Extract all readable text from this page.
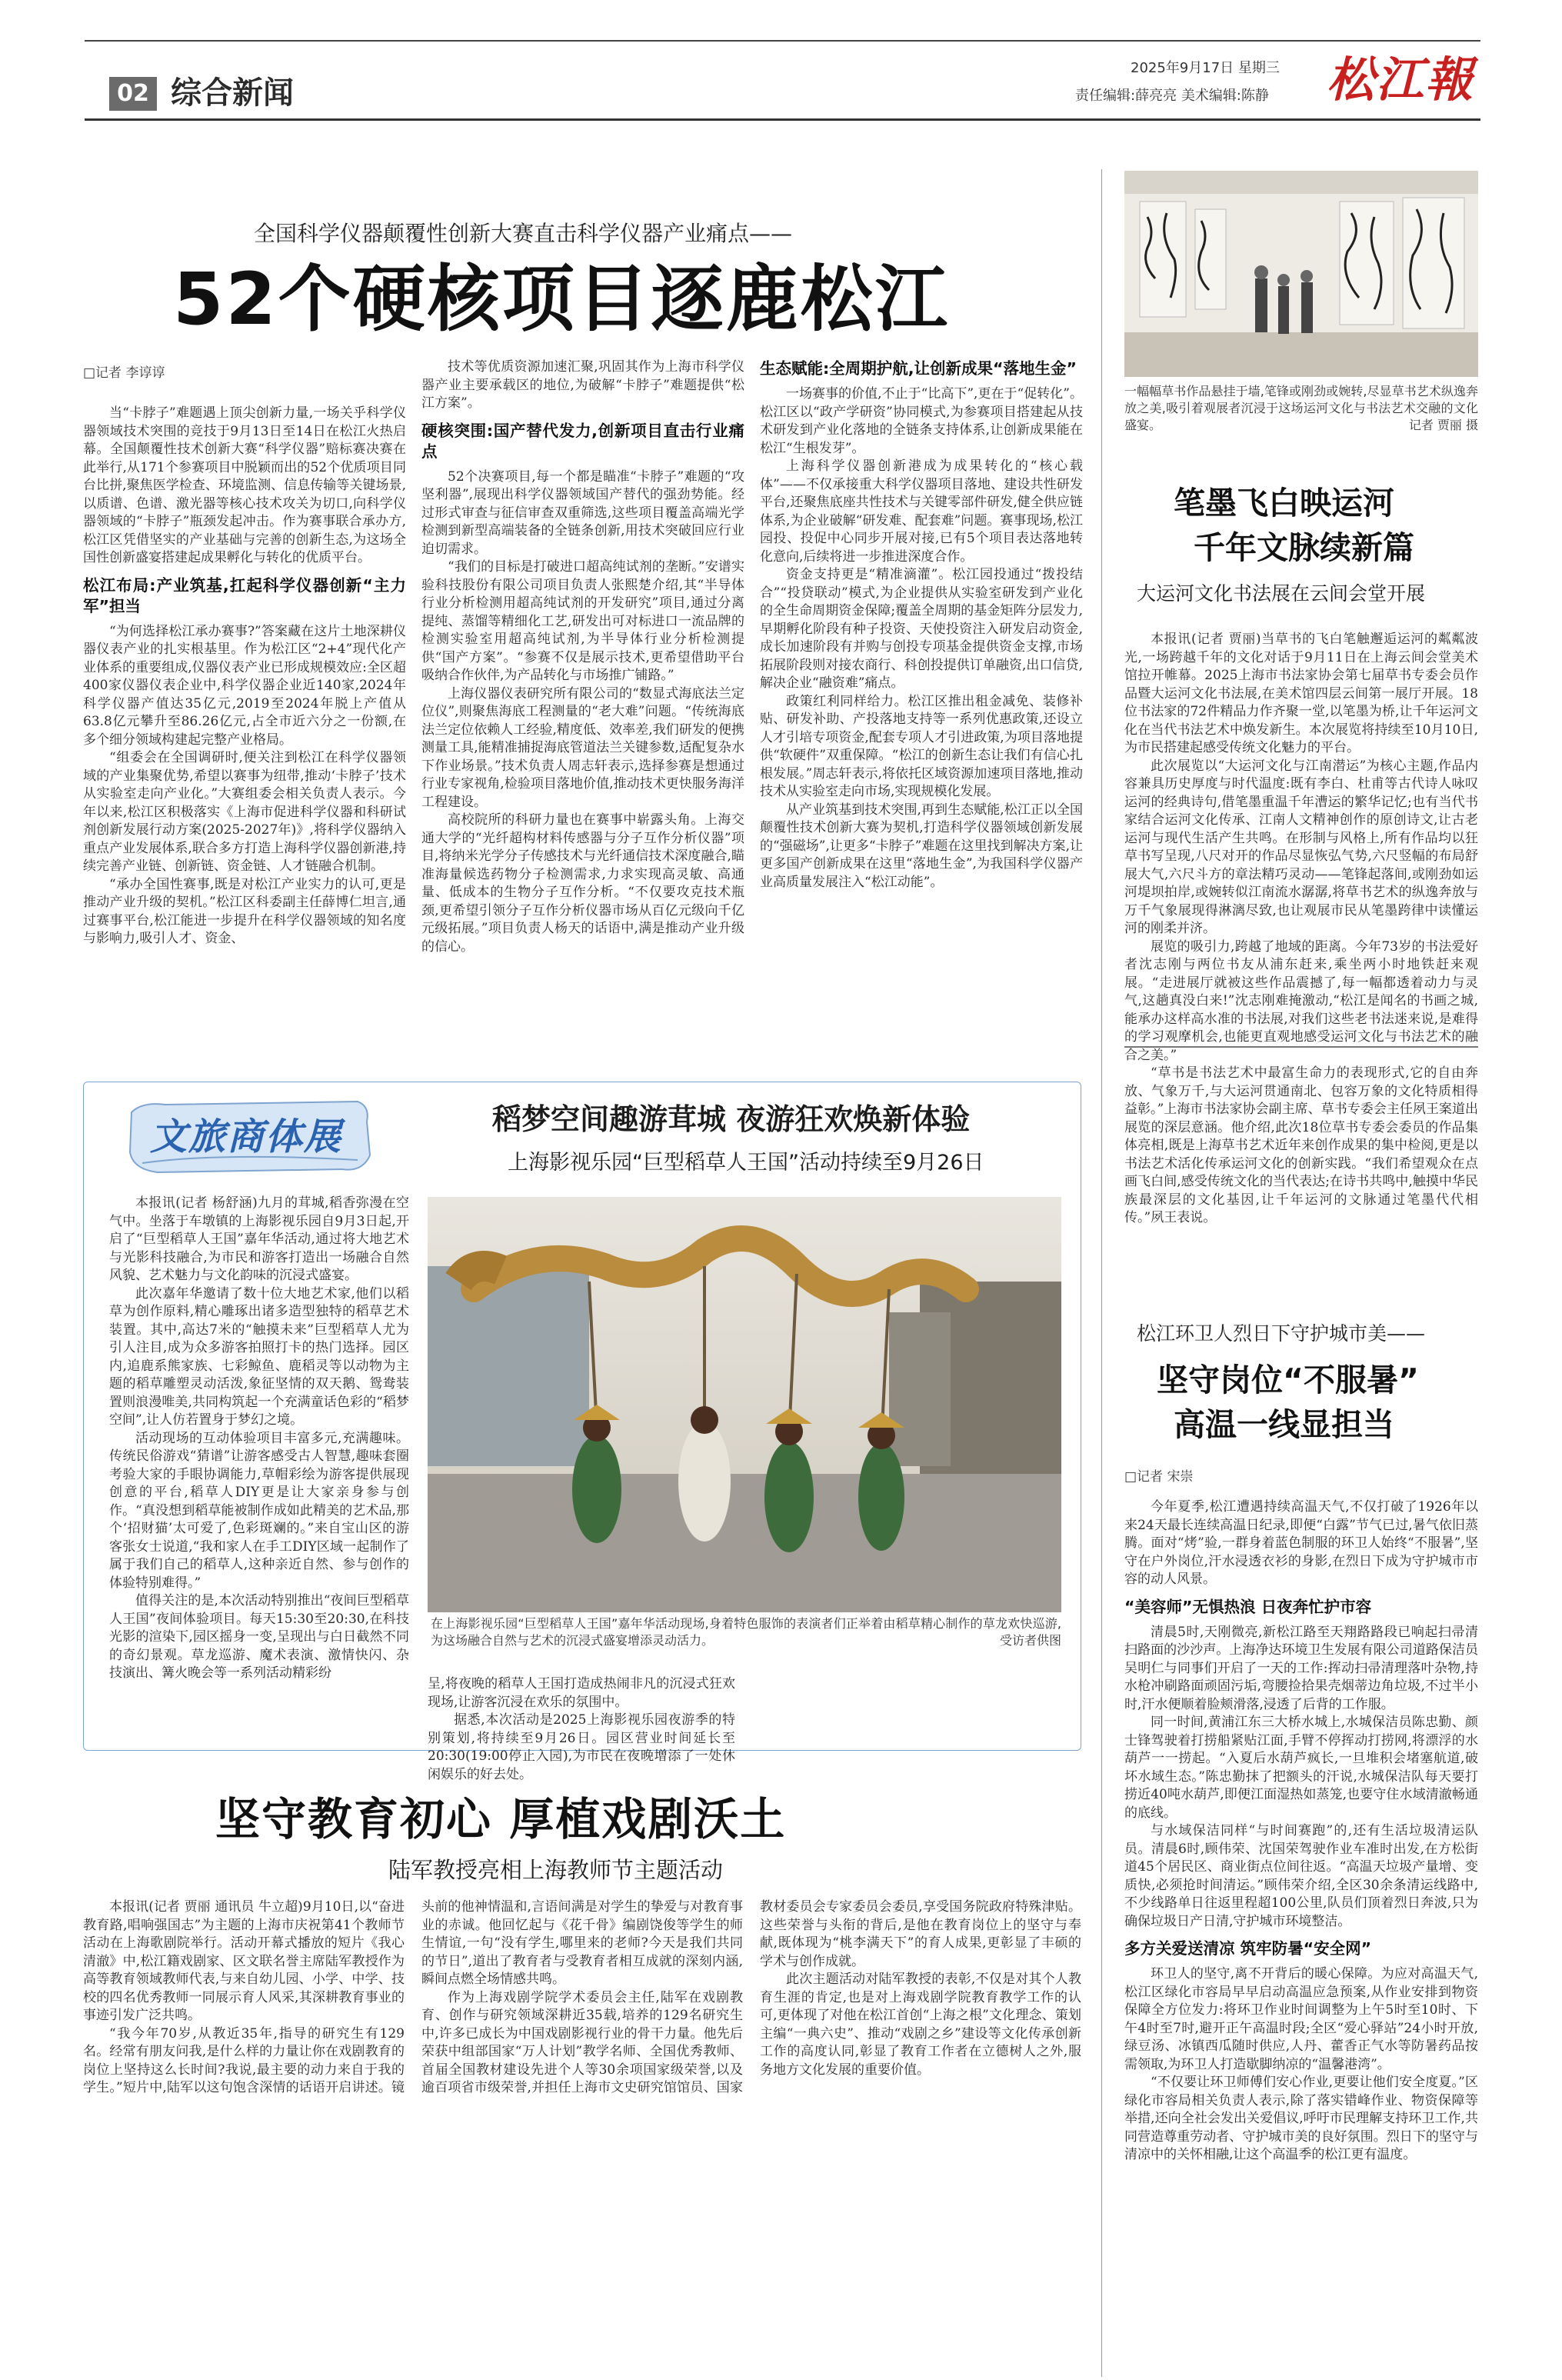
02 综合新闻
2025年9月17日 星期三
责任编辑:薛亮亮 美术编辑:陈静 松江報
全国科学仪器颠覆性创新大赛直击科学仪器产业痛点——
52个硬核项目逐鹿松江
□记者 李谆谆

当“卡脖子”难题遇上顶尖创新力量,一场关乎科学仪器领域技术突围的竞技于9月13日至14日在松江火热启幕。全国颠覆性技术创新大赛“科学仪器”赔标赛决赛在此举行,从171个参赛项目中脱颖而出的52个优质项目同台比拼,聚焦医学检查、环境监测、信息传输等关键场景,以质谱、色谱、激光器等核心技术攻关为切口,向科学仪器领域的“卡脖子”瓶颈发起冲击。作为赛事联合承办方,松江区凭借坚实的产业基础与完善的创新生态,为这场全国性创新盛宴搭建起成果孵化与转化的优质平台。

松江布局:产业筑基,扛起科学仪器创新“主力军”担当

“为何选择松江承办赛事?”答案藏在这片土地深耕仪器仪表产业的扎实根基里。作为松江区“2+4”现代化产业体系的重要组成,仪器仪表产业已形成规模效应:全区超400家仪器仪表企业中,科学仪器企业近140家,2024年科学仪器产值达35亿元,2019至2024年脱上产值从63.8亿元攀升至86.26亿元,占全市近六分之一份额,在多个细分领域构建起完整产业格局。

“组委会在全国调研时,便关注到松江在科学仪器领域的产业集聚优势,希望以赛事为纽带,推动‘卡脖子’技术从实验室走向产业化。”大赛组委会相关负责人表示。今年以来,松江区积极落实《上海市促进科学仪器和科研试剂创新发展行动方案(2025-2027年)》,将科学仪器纳入重点产业发展体系,联合多方打造上海科学仪器创新港,持续完善产业链、创新链、资金链、人才链融合机制。

“承办全国性赛事,既是对松江产业实力的认可,更是推动产业升级的契机。”松江区科委副主任薛博仁坦言,通过赛事平台,松江能进一步提升在科学仪器领域的知名度与影响力,吸引人才、资金、

技术等优质资源加速汇聚,巩固其作为上海市科学仪器产业主要承载区的地位,为破解“卡脖子”难题提供“松江方案”。

硬核突围:国产替代发力,创新项目直击行业痛点

52个决赛项目,每一个都是瞄准“卡脖子”难题的“攻坚利器”,展现出科学仪器领域国产替代的强劲势能。经过形式审查与征信审查双重筛选,这些项目覆盖高端光学检测到新型高端装备的全链条创新,用技术突破回应行业迫切需求。

“我们的目标是打破进口超高纯试剂的垄断。”安谱实验科技股份有限公司项目负责人张熙楚介绍,其“半导体行业分析检测用超高纯试剂的开发研究”项目,通过分离提纯、蒸馏等精细化工艺,研发出可对标进口一流品牌的检测实验室用超高纯试剂,为半导体行业分析检测提供“国产方案”。“参赛不仅是展示技术,更希望借助平台吸纳合作伙伴,为产品转化与市场推广铺路。”

上海仪器仪表研究所有限公司的“数显式海底法兰定位仪”,则聚焦海底工程测量的“老大难”问题。“传统海底法兰定位依赖人工经验,精度低、效率差,我们研发的便携测量工具,能精准捕捉海底管道法兰关键参数,适配复杂水下作业场景。”技术负责人周志轩表示,选择参赛是想通过行业专家视角,检验项目落地价值,推动技术更快服务海洋工程建设。

高校院所的科研力量也在赛事中崭露头角。上海交通大学的“光纤超构材料传感器与分子互作分析仪器”项目,将纳米光学分子传感技术与光纤通信技术深度融合,瞄准海量候选药物分子检测需求,力求实现高灵敏、高通量、低成本的生物分子互作分析。“不仅要攻克技术瓶颈,更希望引领分子互作分析仪器市场从百亿元级向千亿元级拓展。”项目负责人杨天的话语中,满是推动产业升级的信心。

生态赋能:全周期护航,让创新成果“落地生金”

一场赛事的价值,不止于“比高下”,更在于“促转化”。松江区以“政产学研资”协同模式,为参赛项目搭建起从技术研发到产业化落地的全链条支持体系,让创新成果能在松江“生根发芽”。

上海科学仪器创新港成为成果转化的“核心载体”——不仅承接重大科学仪器项目落地、建设共性研发平台,还聚焦底座共性技术与关键零部件研发,健全供应链体系,为企业破解“研发难、配套难”问题。赛事现场,松江园投、投促中心同步开展对接,已有5个项目表达落地转化意向,后续将进一步推进深度合作。

资金支持更是“精准滴灌”。松江园投通过“拨投结合”“投贷联动”模式,为企业提供从实验室研发到产业化的全生命周期资金保障;覆盖全周期的基金矩阵分层发力,早期孵化阶段有种子投资、天使投资注入研发启动资金,成长加速阶段有并购与创投专项基金提供资金支撑,市场拓展阶段则对接农商行、科创投提供订单融资,出口信贷,解决企业“融资难”痛点。

政策红利同样给力。松江区推出租金减免、装修补贴、研发补助、产投落地支持等一系列优惠政策,还设立人才引培专项资金,配套专项人才引进政策,为项目落地提供“软硬件”双重保障。“松江的创新生态让我们有信心扎根发展。”周志轩表示,将依托区域资源加速项目落地,推动技术从实验室走向市场,实现规模化发展。

从产业筑基到技术突围,再到生态赋能,松江正以全国颠覆性技术创新大赛为契机,打造科学仪器领域创新发展的“强磁场”,让更多“卡脖子”难题在这里找到解决方案,让更多国产创新成果在这里“落地生金”,为我国科学仪器产业高质量发展注入“松江动能”。

文旅商体展	稻梦空间趣游茸城 夜游狂欢焕新体验
上海影视乐园“巨型稻草人王国”活动持续至9月26日

本报讯(记者 杨舒涵)九月的茸城,稻香弥漫在空气中。坐落于车墩镇的上海影视乐园自9月3日起,开启了“巨型稻草人王国”嘉年华活动,通过将大地艺术与光影科技融合,为市民和游客打造出一场融合自然风貌、艺术魅力与文化韵味的沉浸式盛宴。

此次嘉年华邀请了数十位大地艺术家,他们以稻草为创作原料,精心雕琢出诸多造型独特的稻草艺术装置。其中,高达7米的“触摸未来”巨型稻草人尤为引人注目,成为众多游客拍照打卡的热门选择。园区内,追鹿系熊家族、七彩鲸鱼、鹿稻灵等以动物为主题的稻草雕塑灵动活泼,象征坚情的双天鹅、鸳鸯装置则浪漫唯美,共同构筑起一个充满童话色彩的“稻梦空间”,让人仿若置身于梦幻之境。

活动现场的互动体验项目丰富多元,充满趣味。传统民俗游戏“猜谱”让游客感受古人智慧,趣味套圈考验大家的手眼协调能力,草帽彩绘为游客提供展现创意的平台,稻草人DIY更是让大家亲身参与创作。“真没想到稻草能被制作成如此精美的艺术品,那个‘招财猫’太可爱了,色彩斑斓的。”来自宝山区的游客张女士说道,“我和家人在手工DIY区域一起制作了属于我们自己的稻草人,这种亲近自然、参与创作的体验特别难得。”

值得关注的是,本次活动特别推出“夜间巨型稻草人王国”夜间体验项目。每天15:30至20:30,在科技光影的渲染下,园区摇身一变,呈现出与白日截然不同的奇幻景观。草龙巡游、魔术表演、激情快闪、杂技演出、篝火晚会等一系列活动精彩纷

在上海影视乐园“巨型稻草人王国”嘉年华活动现场,身着特色服饰的表演者们正举着由稻草精心制作的草龙欢快巡游,为这场融合自然与艺术的沉浸式盛宴增添灵动活力。	受访者供图

呈,将夜晚的稻草人王国打造成热闹非凡的沉浸式狂欢现场,让游客沉浸在欢乐的氛围中。

据悉,本次活动是2025上海影视乐园夜游季的特别策划,将持续至9月26日。园区营业时间延长至20:30(19:00停止入园),为市民在夜晚增添了一处休闲娱乐的好去处。

坚守教育初心 厚植戏剧沃土
陆军教授亮相上海教师节主题活动

本报讯(记者 贾丽 通讯员 牛立超)9月10日,以“奋进教育路,唱响强国志”为主题的上海市庆祝第41个教师节活动在上海歌剧院举行。活动开幕式播放的短片《我心清澈》中,松江籍戏剧家、区文联名誉主席陆军教授作为高等教育领域教师代表,与来自幼儿园、小学、中学、技校的四名优秀教师一同展示育人风采,其深耕教育事业的事迹引发广泛共鸣。

“我今年70岁,从教近35年,指导的研究生有129名。经常有朋友问我,是什么样的力量让你在戏剧教育的岗位上坚持这么长时间?我说,最主要的动力来自于我的学生。”短片中,陆军以这句饱含深情的话语开启讲述。镜头前的他神情温和,言语间满是对学生的挚爱与对教育事业的赤诚。他回忆起与《花千骨》编剧饶俊等学生的师生情谊,一句“没有学生,哪里来的老师?今天是我们共同的节日”,道出了教育者与受教育者相互成就的深刻内涵,瞬间点燃全场情感共鸣。

作为上海戏剧学院学术委员会主任,陆军在戏剧教育、创作与研究领域深耕近35载,培养的129名研究生中,许多已成长为中国戏剧影视行业的骨干力量。他先后荣获中组部国家“万人计划”教学名师、全国优秀教师、首届全国教材建设先进个人等30余项国家级荣誉,以及逾百项省市级荣誉,并担任上海市文史研究馆馆员、国家教材委员会专家委员会委员,享受国务院政府特殊津贴。这些荣誉与头衔的背后,是他在教育岗位上的坚守与奉献,既体现为“桃李满天下”的育人成果,更彰显了丰硕的学术与创作成就。

此次主题活动对陆军教授的表彰,不仅是对其个人教育生涯的肯定,也是对上海戏剧学院教育教学工作的认可,更体现了对他在松江首创“上海之根”文化理念、策划主编“一典六史”、推动“戏剧之乡”建设等文化传承创新工作的高度认同,彰显了教育工作者在立德树人之外,服务地方文化发展的重要价值。

一幅幅草书作品悬挂于墙,笔锋或刚劲或婉转,尽显草书艺术纵逸奔放之美,吸引着观展者沉浸于这场运河文化与书法艺术交融的文化盛宴。	记者 贾丽 摄
笔墨飞白映运河
千年文脉续新篇
大运河文化书法展在云间会堂开展

本报讯(记者 贾丽)当草书的飞白笔触邂逅运河的粼粼波光,一场跨越千年的文化对话于9月11日在上海云间会堂美术馆拉开帷幕。2025上海市书法家协会第七届草书专委会员作品暨大运河文化书法展,在美术馆四层云间第一展厅开展。18位书法家的72件精品力作齐聚一堂,以笔墨为桥,让千年运河文化在当代书法艺术中焕发新生。本次展览将持续至10月10日,为市民搭建起感受传统文化魅力的平台。

此次展览以“大运河文化与江南潜运”为核心主题,作品内容兼具历史厚度与时代温度:既有李白、杜甫等古代诗人咏叹运河的经典诗句,借笔墨重温千年漕运的繁华记忆;也有当代书家结合运河文化传承、江南人文精神创作的原创诗文,让古老运河与现代生活产生共鸣。在形制与风格上,所有作品均以狂草书写呈现,八尺对开的作品尽显恢弘气势,六尺竖幅的布局舒展大气,六尺斗方的章法精巧灵动——笔锋起落间,或刚劲如运河堤坝拍岸,或婉转似江南流水潺潺,将草书艺术的纵逸奔放与万千气象展现得淋漓尽致,也让观展市民从笔墨跨律中读懂运河的刚柔并济。

展览的吸引力,跨越了地域的距离。今年73岁的书法爱好者沈志刚与两位书友从浦东赶来,乘坐两小时地铁赶来观展。“走进展厅就被这些作品震撼了,每一幅都透着动力与灵气,这趟真没白来!”沈志刚难掩激动,“松江是闻名的书画之城,能承办这样高水准的书法展,对我们这些老书法迷来说,是难得的学习观摩机会,也能更直观地感受运河文化与书法艺术的融合之美。”

“草书是书法艺术中最富生命力的表现形式,它的自由奔放、气象万千,与大运河贯通南北、包容万象的文化特质相得益彰。”上海市书法家协会副主席、草书专委会主任夙王案道出展览的深层意涵。他介绍,此次18位草书专委会委员的作品集体亮相,既是上海草书艺术近年来创作成果的集中检阅,更是以书法艺术活化传承运河文化的创新实践。“我们希望观众在点画飞白间,感受传统文化的当代表达;在诗书共鸣中,触摸中华民族最深层的文化基因,让千年运河的文脉通过笔墨代代相传。”夙王表说。

松江环卫人烈日下守护城市美——
坚守岗位“不服暑”
高温一线显担当
□记者 宋崇

今年夏季,松江遭遇持续高温天气,不仅打破了1926年以来24天最长连续高温日纪录,即便“白露”节气已过,暑气依旧蒸腾。面对“烤”验,一群身着蓝色制服的环卫人始终“不服暑”,坚守在户外岗位,汗水浸透衣衫的身影,在烈日下成为守护城市市容的动人风景。

“美容师”无惧热浪 日夜奔忙护市容

清晨5时,天刚微亮,新松江路至天翔路路段已响起扫帚清扫路面的沙沙声。上海净达环境卫生发展有限公司道路保洁员吴明仁与同事们开启了一天的工作:挥动扫帚清理落叶杂物,持水枪冲刷路面顽固污垢,弯腰捡拾果壳烟蒂边角垃圾,不过半小时,汗水便顺着脸颊滑落,浸透了后背的工作服。

同一时间,黄浦江东三大桥水城上,水城保洁员陈忠勤、颜士锋驾驶着打捞船紧贴江面,手臂不停挥动打捞网,将漂浮的水葫芦一一捞起。“入夏后水葫芦疯长,一旦堆积会堵塞航道,破坏水域生态。”陈忠勤抹了把额头的汗说,水城保洁队每天要打捞近40吨水葫芦,即便江面湿热如蒸笼,也要守住水域清澈畅通的底线。

与水域保洁同样“与时间赛跑”的,还有生活垃圾清运队员。清晨6时,顾伟荣、沈国荣驾驶作业车准时出发,在方松街道45个居民区、商业街点位间往返。“高温天垃圾产量增、变质快,必须抢时间清运。”顾伟荣介绍,全区30余条清运线路中,不少线路单日往返里程超100公里,队员们顶着烈日奔波,只为确保垃圾日产日清,守护城市环境整洁。

多方关爱送清凉 筑牢防暑“安全网”

环卫人的坚守,离不开背后的暖心保障。为应对高温天气,松江区绿化市容局早早启动高温应急预案,从作业安排到物资保障全方位发力:将环卫作业时间调整为上午5时至10时、下午4时至7时,避开正午高温时段;全区“爱心驿站”24小时开放,绿豆汤、冰镇西瓜随时供应,人丹、藿香正气水等防暑药品按需领取,为环卫人打造歇脚纳凉的“温馨港湾”。

“不仅要让环卫师傅们安心作业,更要让他们安全度夏。”区绿化市容局相关负责人表示,除了落实错峰作业、物资保障等举措,还向全社会发出关爱倡议,呼吁市民理解支持环卫工作,共同营造尊重劳动者、守护城市美的良好氛围。烈日下的坚守与清凉中的关怀相融,让这个高温季的松江更有温度。
